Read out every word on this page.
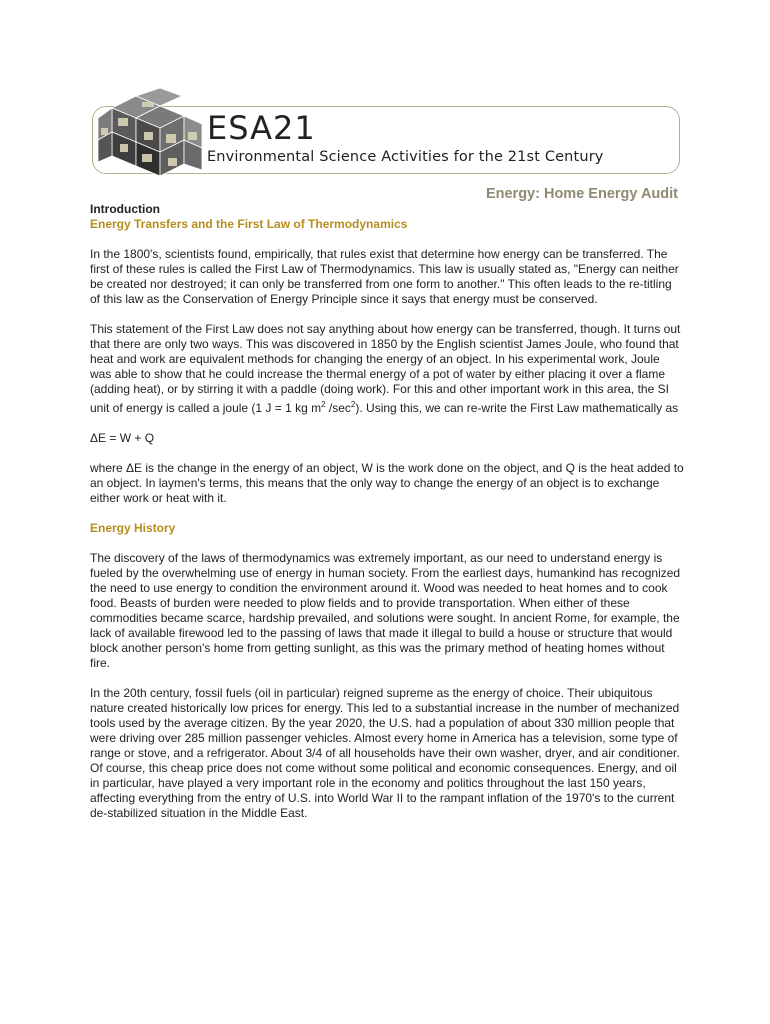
ESA21
Environmental Science Activities for the 21st Century
Energy: Home Energy Audit
Introduction
Energy Transfers and the First Law of Thermodynamics

In the 1800's, scientists found, empirically, that rules exist that determine how energy can be transferred. The first of these rules is called the First Law of Thermodynamics. This law is usually stated as, "Energy can neither be created nor destroyed; it can only be transferred from one form to another." This often leads to the re-titling of this law as the Conservation of Energy Principle since it says that energy must be conserved.

This statement of the First Law does not say anything about how energy can be transferred, though. It turns out that there are only two ways. This was discovered in 1850 by the English scientist James Joule, who found that heat and work are equivalent methods for changing the energy of an object. In his experimental work, Joule was able to show that he could increase the thermal energy of a pot of water by either placing it over a flame (adding heat), or by stirring it with a paddle (doing work). For this and other important work in this area, the SI unit of energy is called a joule (1 J = 1 kg $m^2$ $/\sec^2$). Using this, we can re-write the First Law mathematically as

ΔE = W + Q

where ΔE is the change in the energy of an object, W is the work done on the object, and Q is the heat added to an object. In laymen's terms, this means that the only way to change the energy of an object is to exchange either work or heat with it.

Energy History

The discovery of the laws of thermodynamics was extremely important, as our need to understand energy is fueled by the overwhelming use of energy in human society. From the earliest days, humankind has recognized the need to use energy to condition the environment around it. Wood was needed to heat homes and to cook food. Beasts of burden were needed to plow fields and to provide transportation. When either of these commodities became scarce, hardship prevailed, and solutions were sought. In ancient Rome, for example, the lack of available firewood led to the passing of laws that made it illegal to build a house or structure that would block another person's home from getting sunlight, as this was the primary method of heating homes without fire.

In the 20th century, fossil fuels (oil in particular) reigned supreme as the energy of choice. Their ubiquitous nature created historically low prices for energy. This led to a substantial increase in the number of mechanized tools used by the average citizen. By the year 2020, the U.S. had a population of about 330 million people that were driving over 285 million passenger vehicles. Almost every home in America has a television, some type of range or stove, and a refrigerator. About 3/4 of all households have their own washer, dryer, and air conditioner. Of course, this cheap price does not come without some political and economic consequences. Energy, and oil in particular, have played a very important role in the economy and politics throughout the last 150 years, affecting everything from the entry of U.S. into World War II to the rampant inflation of the 1970's to the current de-stabilized situation in the Middle East.
